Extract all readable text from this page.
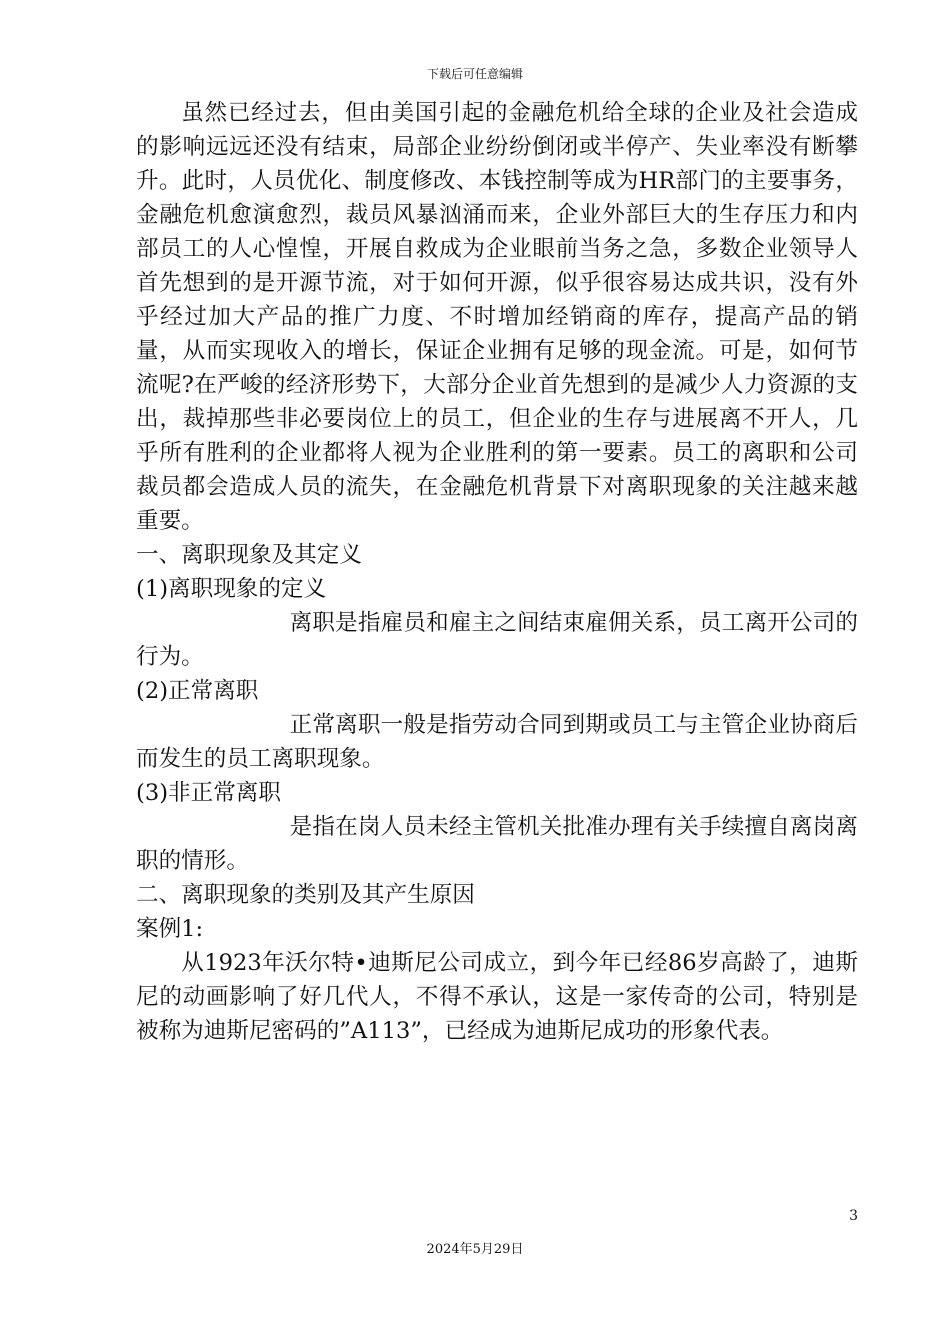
下载后可任意编辑

虽然已经过去，但由美国引起的金融危机给全球的企业及社会造成的影响远远还没有结束，局部企业纷纷倒闭或半停产、失业率没有断攀升。此时，人员优化、制度修改、本钱控制等成为HR部门的主要事务，金融危机愈演愈烈，裁员风暴汹涌而来，企业外部巨大的生存压力和内部员工的人心惶惶，开展自救成为企业眼前当务之急，多数企业领导人首先想到的是开源节流，对于如何开源，似乎很容易达成共识，没有外乎经过加大产品的推广力度、不时增加经销商的库存，提高产品的销量，从而实现收入的增长，保证企业拥有足够的现金流。可是，如何节流呢?在严峻的经济形势下，大部分企业首先想到的是减少人力资源的支出，裁掉那些非必要岗位上的员工，但企业的生存与进展离不开人，几乎所有胜利的企业都将人视为企业胜利的第一要素。员工的离职和公司裁员都会造成人员的流失，在金融危机背景下对离职现象的关注越来越重要。

一、离职现象及其定义

(1)离职现象的定义

离职是指雇员和雇主之间结束雇佣关系，员工离开公司的行为。

(2)正常离职

正常离职一般是指劳动合同到期或员工与主管企业协商后而发生的员工离职现象。

(3)非正常离职

是指在岗人员未经主管机关批准办理有关手续擅自离岗离职的情形。

二、离职现象的类别及其产生原因

案例1:

从1923年沃尔特•迪斯尼公司成立，到今年已经86岁高龄了，迪斯尼的动画影响了好几代人，不得不承认，这是一家传奇的公司，特别是被称为迪斯尼密码的”A113”，已经成为迪斯尼成功的形象代表。

3
2024年5月29日
